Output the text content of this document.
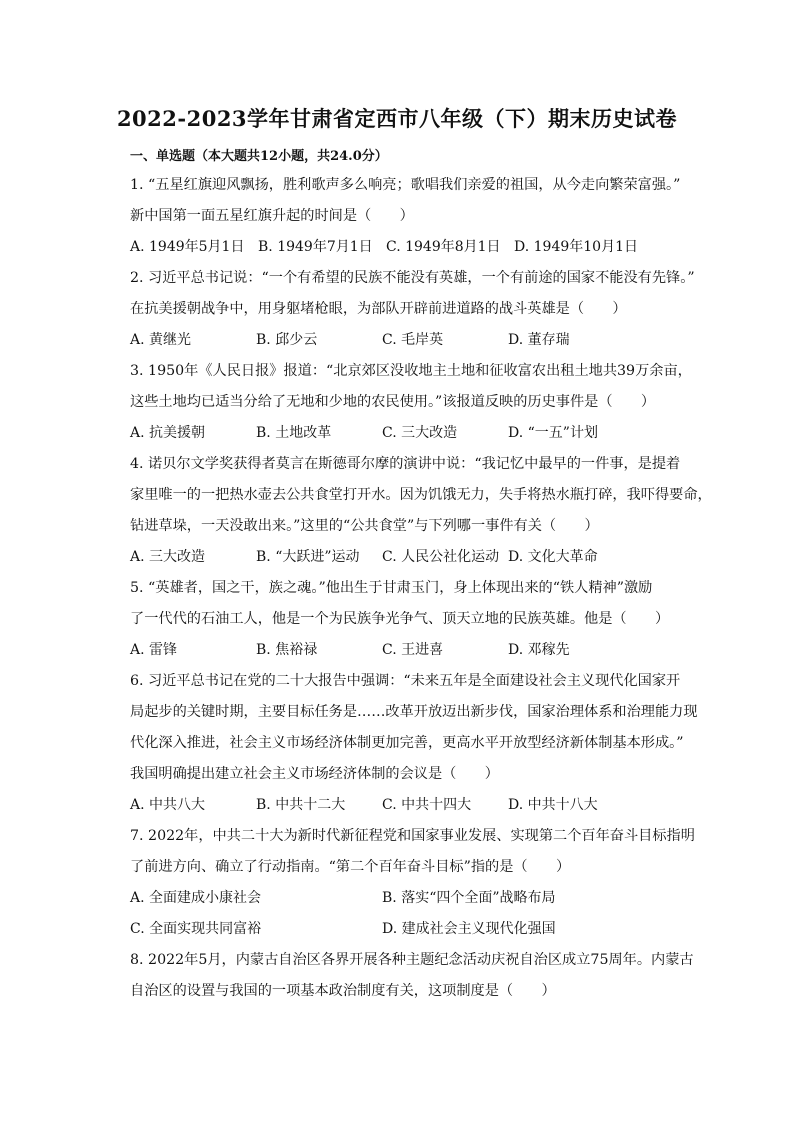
2022-2023学年甘肃省定西市八年级（下）期末历史试卷
一、单选题（本大题共12小题，共24.0分）
1. “五星红旗迎风飘扬，胜利歌声多么响亮；歌唱我们亲爱的祖国，从今走向繁荣富强。”
新中国第一面五星红旗升起的时间是（　　）
A. 1949年5月1日 B. 1949年7月1日 C. 1949年8月1日 D. 1949年10月1日
2. 习近平总书记说：“一个有希望的民族不能没有英雄，一个有前途的国家不能没有先锋。”
在抗美援朝战争中，用身躯堵枪眼，为部队开辟前进道路的战斗英雄是（　　）
A. 黄继光	B. 邱少云	C. 毛岸英	D. 董存瑞
3. 1950年《人民日报》报道：“北京郊区没收地主土地和征收富农出租土地共39万余亩，
这些土地均已适当分给了无地和少地的农民使用。”该报道反映的历史事件是（　　）
A. 抗美援朝	B. 土地改革	C. 三大改造	D. “一五”计划
4. 诺贝尔文学奖获得者莫言在斯德哥尔摩的演讲中说：“我记忆中最早的一件事，是提着
家里唯一的一把热水壶去公共食堂打开水。因为饥饿无力，失手将热水瓶打碎，我吓得要命，
钻进草垛，一天没敢出来。”这里的“公共食堂”与下列哪一事件有关（　　）
A. 三大改造	B. “大跃进”运动 C. 人民公社化运动 D. 文化大革命
5. “英雄者，国之干，族之魂。”他出生于甘肃玉门，身上体现出来的“铁人精神”激励
了一代代的石油工人，他是一个为民族争光争气、顶天立地的民族英雄。他是（　　）
A. 雷锋	B. 焦裕禄	C. 王进喜	D. 邓稼先
6. 习近平总书记在党的二十大报告中强调：“未来五年是全面建设社会主义现代化国家开
局起步的关键时期，主要目标任务是……改革开放迈出新步伐，国家治理体系和治理能力现
代化深入推进，社会主义市场经济体制更加完善，更高水平开放型经济新体制基本形成。”
我国明确提出建立社会主义市场经济体制的会议是（　　）
A. 中共八大	B. 中共十二大	C. 中共十四大	D. 中共十八大
7. 2022年，中共二十大为新时代新征程党和国家事业发展、实现第二个百年奋斗目标指明
了前进方向、确立了行动指南。“第二个百年奋斗目标”指的是（　　）
A. 全面建成小康社会	B. 落实“四个全面”战略布局
C. 全面实现共同富裕	D. 建成社会主义现代化强国
8. 2022年5月，内蒙古自治区各界开展各种主题纪念活动庆祝自治区成立75周年。内蒙古
自治区的设置与我国的一项基本政治制度有关，这项制度是（　　）
